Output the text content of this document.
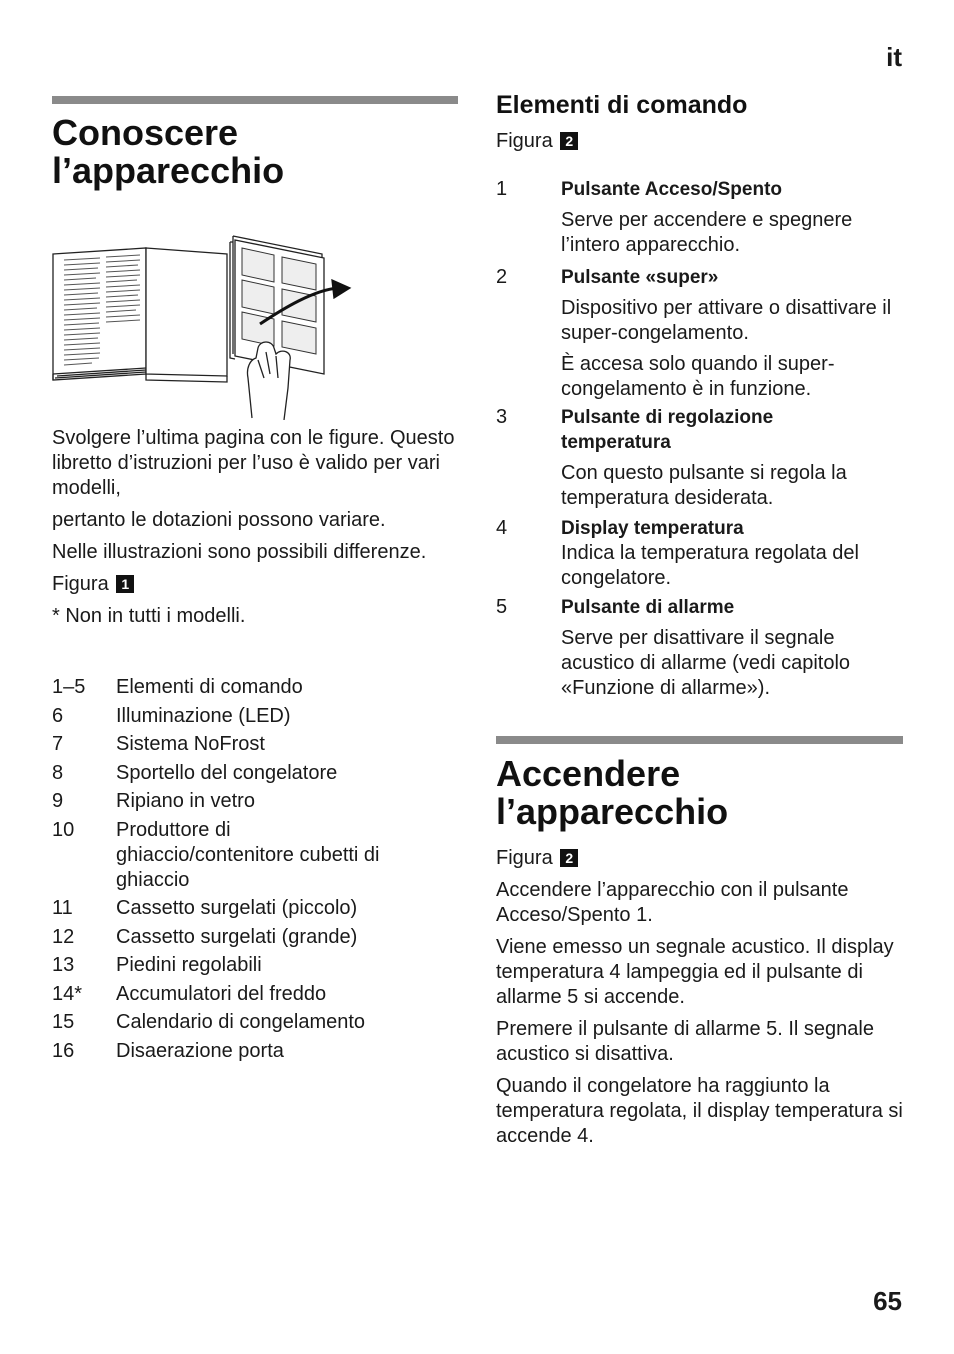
it
65
Conoscere l’apparecchio

Svolgere l’ultima pagina con le figure. Questo libretto d’istruzioni per l’uso è valido per vari modelli,

pertanto le dotazioni possono variare.

Nelle illustrazioni sono possibili differenze.

Figura 1

* Non in tutti i modelli.

1–5	Elementi di comando
6	Illuminazione (LED)
7	Sistema NoFrost
8	Sportello del congelatore
9	Ripiano in vetro
10	Produttore di ghiaccio/contenitore cubetti di ghiaccio
11	Cassetto surgelati (piccolo)
12	Cassetto surgelati (grande)
13	Piedini regolabili
14*	Accumulatori del freddo
15	Calendario di congelamento
16	Disaerazione porta
Elementi di comando

Figura 2

1	Pulsante Acceso/Spento
Serve per accendere e spegnere l’intero apparecchio.
2	Pulsante «super»
Dispositivo per attivare o disattivare il super-congelamento.
È accesa solo quando il super-congelamento è in funzione.
3	Pulsante di regolazione temperatura
Con questo pulsante si regola la temperatura desiderata.
4	Display temperatura
Indica la temperatura regolata del congelatore.
5	Pulsante di allarme
Serve per disattivare il segnale acustico di allarme (vedi capitolo «Funzione di allarme»).
Accendere l’apparecchio

Figura 2

Accendere l’apparecchio con il pulsante Acceso/Spento 1.

Viene emesso un segnale acustico. Il display temperatura 4 lampeggia ed il pulsante di allarme 5 si accende.

Premere il pulsante di allarme 5. Il segnale acustico si disattiva.

Quando il congelatore ha raggiunto la temperatura regolata, il display temperatura si accende 4.
